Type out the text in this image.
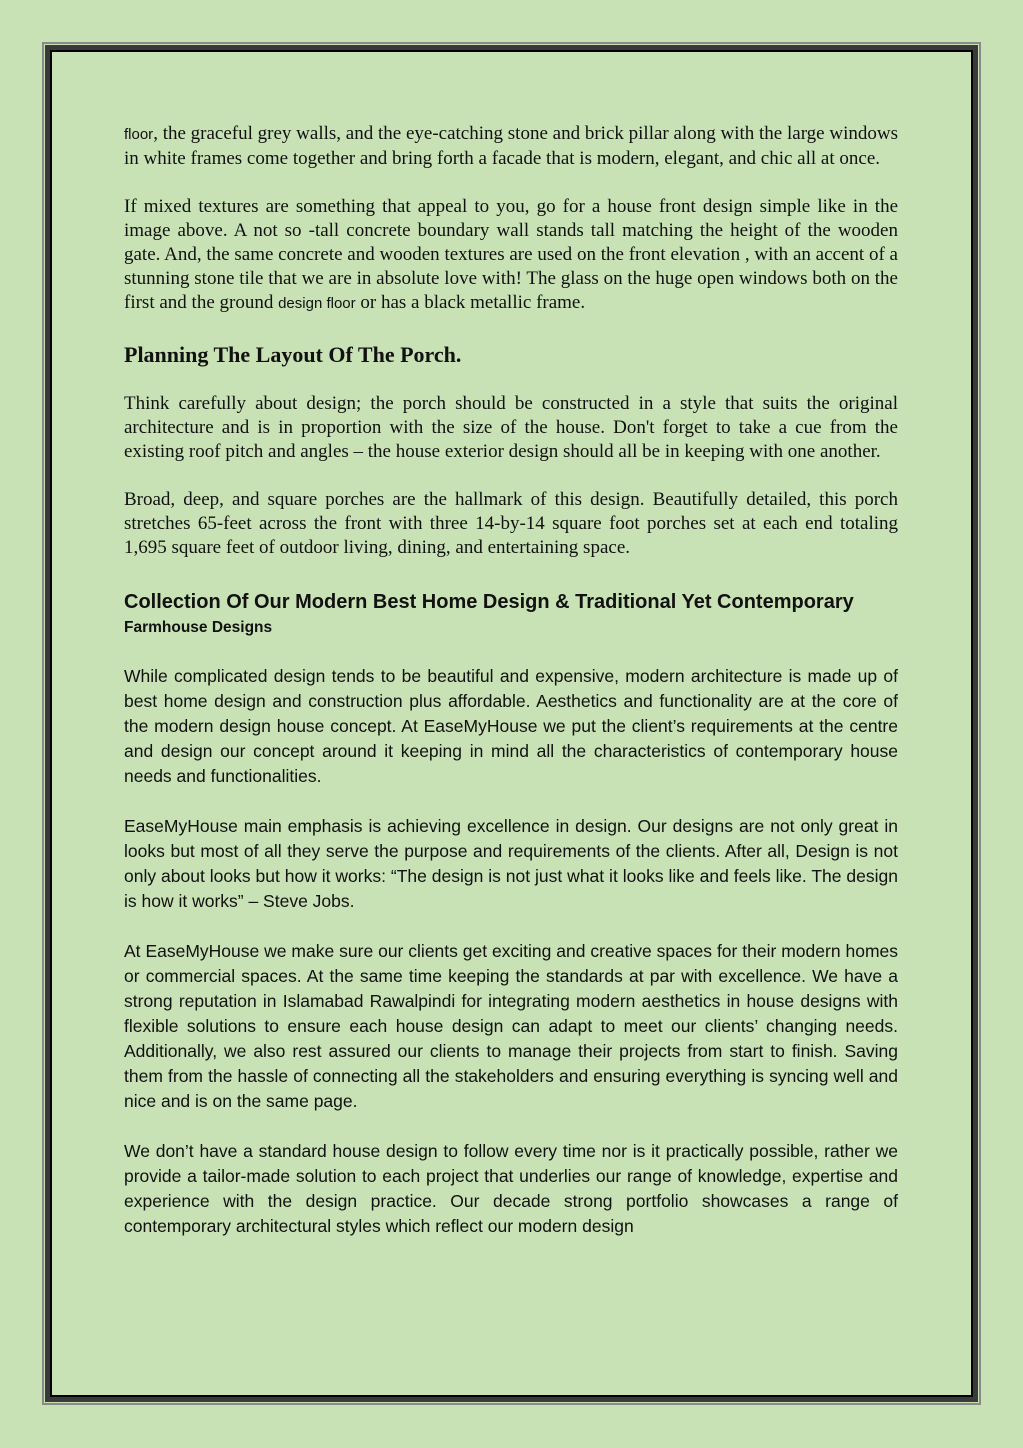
floor, the graceful grey walls, and the eye-catching stone and brick pillar along with the large windows in white frames come together and bring forth a facade that is modern, elegant, and chic all at once.

If mixed textures are something that appeal to you, go for a house front design simple like in the image above. A not so -tall concrete boundary wall stands tall matching the height of the wooden gate. And, the same concrete and wooden textures are used on the front elevation , with an accent of a stunning stone tile that we are in absolute love with! The glass on the huge open windows both on the first and the ground design floor or has a black metallic frame.

Planning The Layout Of The Porch.

Think carefully about design; the porch should be constructed in a style that suits the original architecture and is in proportion with the size of the house. Don't forget to take a cue from the existing roof pitch and angles – the house exterior design should all be in keeping with one another.

Broad, deep, and square porches are the hallmark of this design. Beautifully detailed, this porch stretches 65-feet across the front with three 14-by-14 square foot porches set at each end totaling 1,695 square feet of outdoor living, dining, and entertaining space.

Collection Of Our Modern Best Home Design & Traditional Yet Contemporary
Farmhouse Designs

While complicated design tends to be beautiful and expensive, modern architecture is made up of best home design and construction plus affordable. Aesthetics and functionality are at the core of the modern design house concept. At EaseMyHouse we put the client’s requirements at the centre and design our concept around it keeping in mind all the characteristics of contemporary house needs and functionalities.

EaseMyHouse main emphasis is achieving excellence in design. Our designs are not only great in looks but most of all they serve the purpose and requirements of the clients. After all, Design is not only about looks but how it works: “The design is not just what it looks like and feels like. The design is how it works” – Steve Jobs.

At EaseMyHouse we make sure our clients get exciting and creative spaces for their modern homes or commercial spaces. At the same time keeping the standards at par with excellence. We have a strong reputation in Islamabad Rawalpindi for integrating modern aesthetics in house designs with flexible solutions to ensure each house design can adapt to meet our clients’ changing needs. Additionally, we also rest assured our clients to manage their projects from start to finish. Saving them from the hassle of connecting all the stakeholders and ensuring everything is syncing well and nice and is on the same page.

We don’t have a standard house design to follow every time nor is it practically possible, rather we provide a tailor-made solution to each project that underlies our range of knowledge, expertise and experience with the design practice. Our decade strong portfolio showcases a range of contemporary architectural styles which reflect our modern design
